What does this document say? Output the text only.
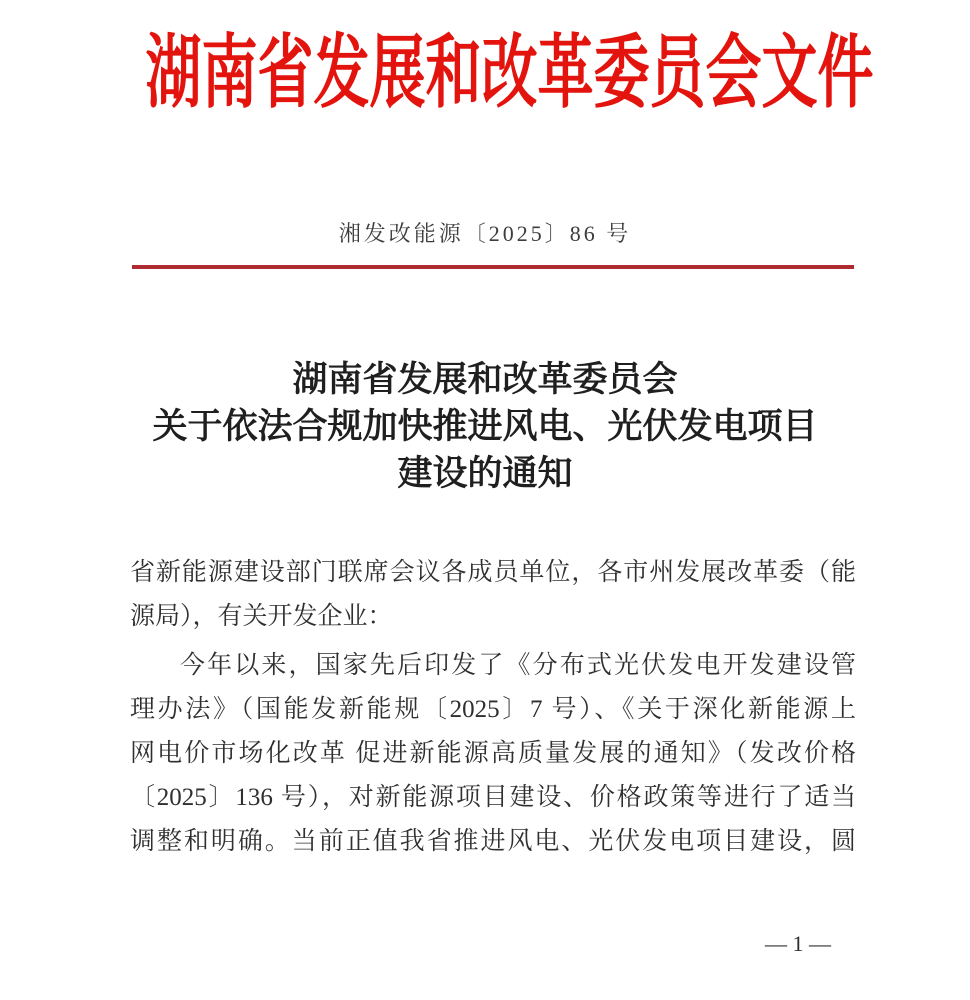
湖南省发展和改革委员会文件
湘发改能源〔2025〕86 号
湖南省发展和改革委员会
关于依法合规加快推进风电、光伏发电项目
建设的通知
省新能源建设部门联席会议各成员单位，各市州发展改革委（能
源局），有关开发企业：
今年以来，国家先后印发了《分布式光伏发电开发建设管
理办法》（国能发新能规〔2025〕7 号）、《关于深化新能源上
网电价市场化改革 促进新能源高质量发展的通知》（发改价格
〔2025〕136 号），对新能源项目建设、价格政策等进行了适当
调整和明确。当前正值我省推进风电、光伏发电项目建设，圆
— 1 —
